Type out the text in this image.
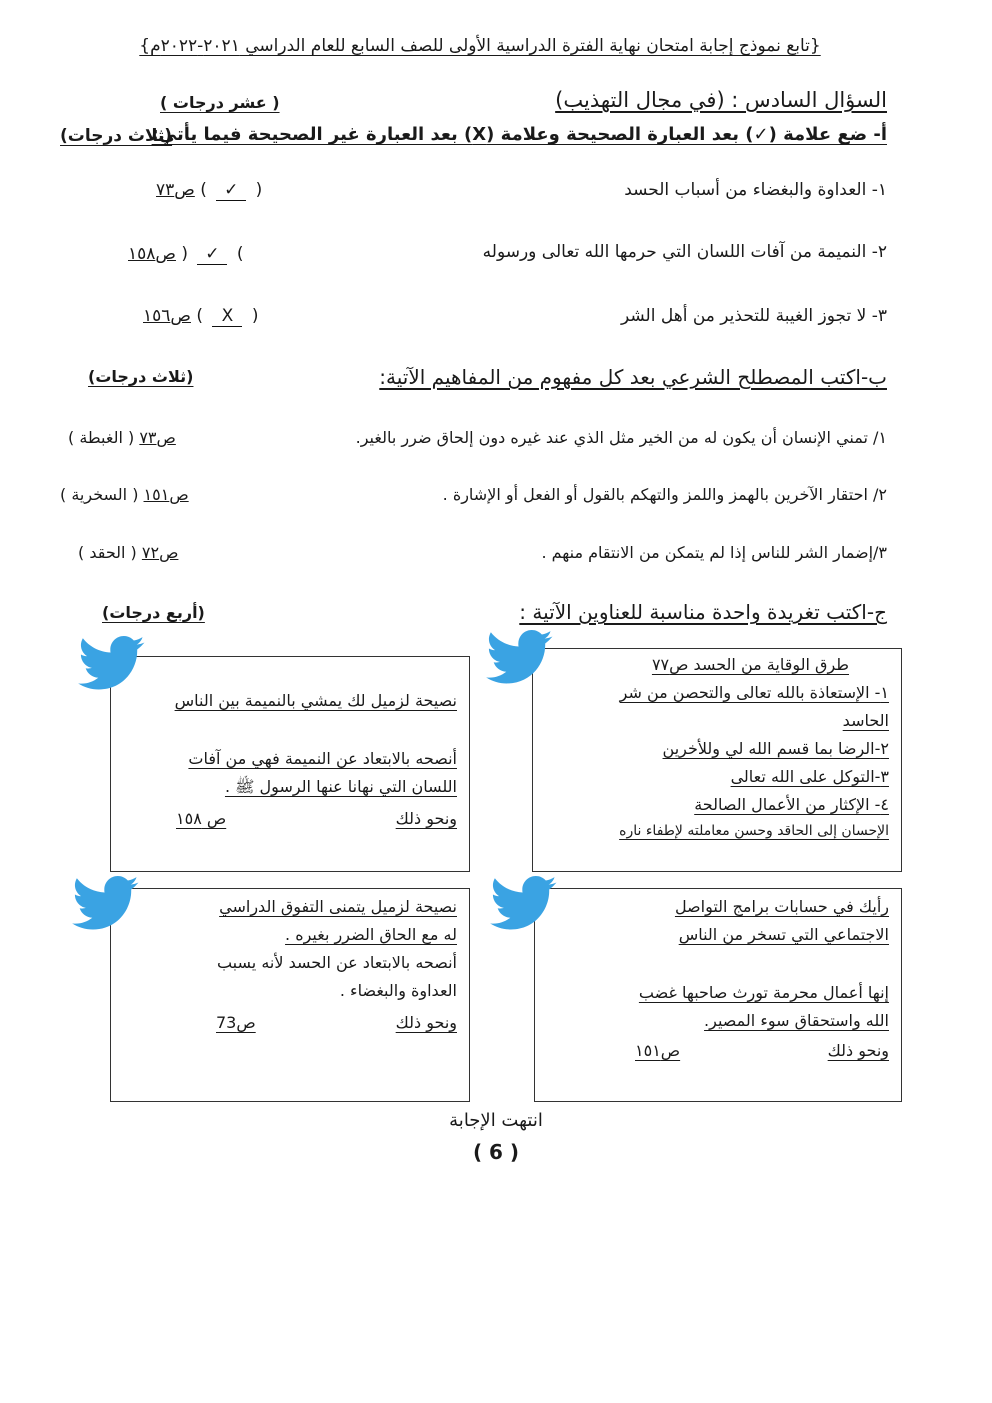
{تابع نموذج إجابة امتحان نهاية الفترة الدراسية الأولى للصف السابع للعام الدراسي ٢٠٢١-٢٠٢٢م}
السؤال السادس : (في مجال التهذيب)
( عشر درجات )
أ- ضع علامة (✓) بعد العبارة الصحيحة وعلامة (X) بعد العبارة غير الصحيحة فيما يأتي:
(ثلاث درجات)
١- العداوة والبغضاء من أسباب الحسد
ص٧٣ ( ✓ )
٢- النميمة من آفات اللسان التي حرمها الله تعالى ورسوله
ص١٥٨ ) ✓ (
٣- لا تجوز الغيبة للتحذير من أهل الشر
ص١٥٦ ( X )
ب-اكتب المصطلح الشرعي بعد كل مفهوم من المفاهيم الآتية:
(ثلاث درجات)
١/ تمني الإنسان أن يكون له من الخير مثل الذي عند غيره دون إلحاق ضرر بالغير.
ص٧٣ ( الغبطة )
٢/ احتقار الآخرين بالهمز واللمز والتهكم بالقول أو الفعل أو الإشارة .
ص١٥١ ( السخرية )
٣/إضمار الشر للناس إذا لم يتمكن من الانتقام منهم .
ص٧٢ ( الحقد )
ج-اكتب تغريدة واحدة مناسبة للعناوين الآتية :
(أربع درجات)
طرق الوقاية من الحسد ص٧٧
١- الإستعاذة بالله تعالى والتحصن من شر
الحاسد
٢-الرضا بما قسم الله لي وللأخرين
٣-التوكل على الله تعالى
٤- الإكثار من الأعمال الصالحة
الإحسان إلى الحاقد وحسن معاملته لإطفاء ناره
نصيحة لزميل لك يمشي بالنميمة بين الناس
أنصحه بالابتعاد عن النميمة فهي من آفات
اللسان التي نهانا عنها الرسول ﷺ .
ونحو ذلك
ص ١٥٨
رأيك في حسابات برامج التواصل
الاجتماعي التي تسخر من الناس
إنها أعمال محرمة تورث صاحبها غضب
الله واستحقاق سوء المصير.
ونحو ذلك
ص١٥١
نصيحة لزميل يتمنى التفوق الدراسي
له مع الحاق الضرر بغيره .
أنصحه بالابتعاد عن الحسد لأنه يسبب
العداوة والبغضاء .
ونحو ذلك
ص73
انتهت الإجابة
( 6 )
